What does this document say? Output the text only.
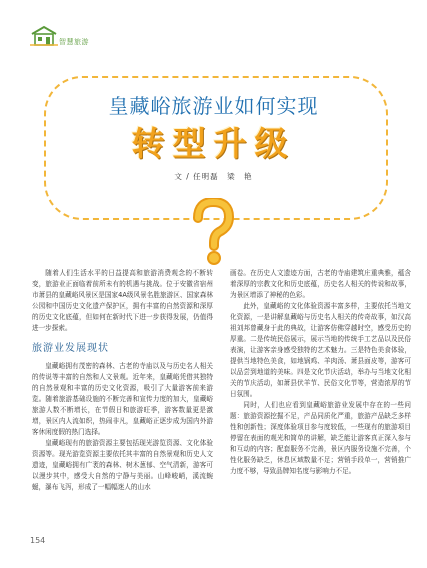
智慧旅游
皇藏峪旅游业如何实现
转型升级
文 / 任明磊　梁　艳

随着人们生活水平的日益提高和旅游消费观念的不断转变，旅游业正面临着前所未有的机遇与挑战。位于安徽省宿州市萧县的皇藏峪风景区是国家4A级风景名胜旅游区、国家森林公园和中国历史文化遗产保护区，拥有丰富的自然资源和深厚的历史文化底蕴，但如何在新时代下进一步获得发展，仍值得进一步探索。

旅游业发展现状

皇藏峪拥有茂密的森林、古老的寺庙以及与历史名人相关的传说等丰富的自然和人文景观。近年来，皇藏峪凭借其独特的自然景观和丰富的历史文化资源，吸引了大量游客前来游览。随着旅游基础设施的不断完善和宣传力度的加大，皇藏峪旅游人数不断增长，在节假日和旅游旺季，游客数量更是激增，景区内人流如织，热闹非凡，皇藏峪正逐步成为国内外游客休闲度假的热门选择。

皇藏峪现有的旅游资源主要包括现光游览资源、文化体验资源等。现光游览资源主要依托其丰富的自然景观和历史人文遗迹，皇藏峪拥有广袤的森林、树木葱郁、空气清新，游客可以漫步其中，感受大自然的宁静与美丽。山峰峻峭，溪流蜿蜒，瀑布飞泻，形成了一幅幅迷人的山水

画卷。在历史人文遗迹方面，古老的寺庙建筑庄重典雅，蕴含着深厚的宗教文化和历史底蕴，历史名人相关的传说和故事，为景区增添了神秘的色彩。

此外，皇藏峪的文化体验资源丰富多样，主要依托当地文化资源，一是讲解皇藏峪与历史名人相关的传奇故事，如汉高祖刘邦曾藏身于此的典故，让游客仿佛穿越时空，感受历史的厚重。二是传统民俗展示，展示当地的传统手工艺品以及民俗表演，让游客亲身感受独特的艺术魅力。三是特色美食体验，提供当地特色美食，如地锅鸡、羊肉汤、萧县面皮等，游客可以品尝到地道的美味。四是文化节庆活动，举办与当地文化相关的节庆活动，如萧县伏羊节、民俗文化节等，营造浓厚的节日氛围。

同时，人们也应看到皇藏峪旅游业发展中存在的一些问题：旅游资源挖掘不足，产品同质化严重，旅游产品缺乏多样性和创新性；深度体验项目参与度较低，一些现有的旅游项目停留在表面的观光和简单的讲解，缺乏能让游客真正深入参与和互动的内容；配套服务不完善，景区内服务设施不完善，个性化服务缺乏，休息区域数量不足；营销手段单一，营销推广力度不够，导致品牌知名度与影响力不足。

154
